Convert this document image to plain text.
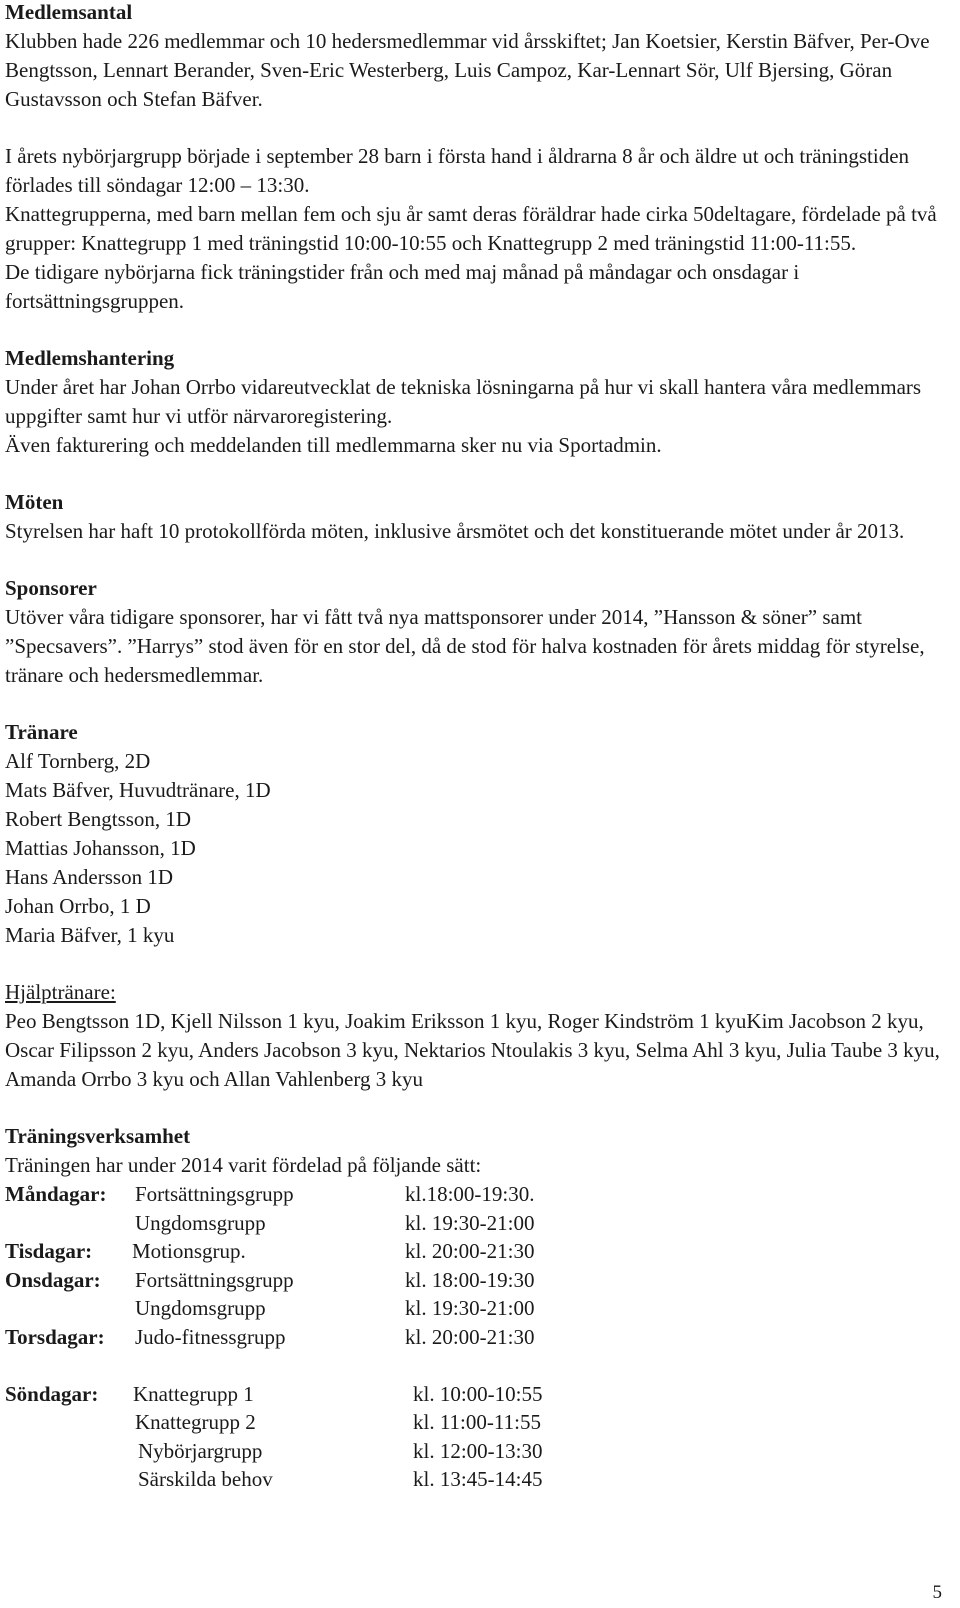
Medlemsantal

Klubben hade 226 medlemmar och 10 hedersmedlemmar vid årsskiftet; Jan Koetsier, Kerstin Bäfver, Per-Ove Bengtsson, Lennart Berander, Sven-Eric Westerberg, Luis Campoz, Kar-Lennart Sör, Ulf Bjersing, Göran Gustavsson och Stefan Bäfver.

I årets nybörjargrupp började i september 28 barn i första hand i åldrarna 8 år och äldre ut och träningstiden förlades till söndagar 12:00 – 13:30.

Knattegrupperna, med barn mellan fem och sju år samt deras föräldrar hade cirka 50deltagare, fördelade på två grupper: Knattegrupp 1 med träningstid 10:00-10:55 och Knattegrupp 2 med träningstid 11:00-11:55.

De tidigare nybörjarna fick träningstider från och med maj månad på måndagar och onsdagar i fortsättningsgruppen.

Medlemshantering

Under året har Johan Orrbo vidareutvecklat de tekniska lösningarna på hur vi skall hantera våra medlemmars uppgifter samt hur vi utför närvaroregistering.

Även fakturering och meddelanden till medlemmarna sker nu via Sportadmin.

Möten

Styrelsen har haft 10 protokollförda möten, inklusive årsmötet och det konstituerande mötet under år 2013.

Sponsorer

Utöver våra tidigare sponsorer, har vi fått två nya mattsponsorer under 2014, ”Hansson & söner” samt ”Specsavers”. ”Harrys” stod även för en stor del, då de stod för halva kostnaden för årets middag för styrelse, tränare och hedersmedlemmar.

Tränare
Alf Tornberg, 2D
Mats Bäfver, Huvudtränare, 1D
Robert Bengtsson, 1D
Mattias Johansson, 1D
Hans Andersson 1D
Johan Orrbo, 1 D
Maria Bäfver, 1 kyu
Hjälptränare:

Peo Bengtsson 1D, Kjell Nilsson 1 kyu, Joakim Eriksson 1 kyu, Roger Kindström 1 kyuKim Jacobson 2 kyu, Oscar Filipsson 2 kyu, Anders Jacobson 3 kyu, Nektarios Ntoulakis 3 kyu, Selma Ahl 3 kyu, Julia Taube 3 kyu, Amanda Orrbo 3 kyu och Allan Vahlenberg 3 kyu

Träningsverksamhet

Träningen har under 2014 varit fördelad på följande sätt:

Måndagar: Fortsättningsgrupp	kl.18:00-19:30.
Ungdomsgrupp	kl. 19:30-21:00
Tisdagar: Motionsgrup.	kl. 20:00-21:30
Onsdagar: Fortsättningsgrupp	kl. 18:00-19:30
Ungdomsgrupp	kl. 19:30-21:00
Torsdagar: Judo-fitnessgrupp	kl. 20:00-21:30
Söndagar: Knattegrupp 1	kl. 10:00-10:55
Knattegrupp 2	kl. 11:00-11:55
Nybörjargrupp	kl. 12:00-13:30
Särskilda behov	kl. 13:45-14:45
5
